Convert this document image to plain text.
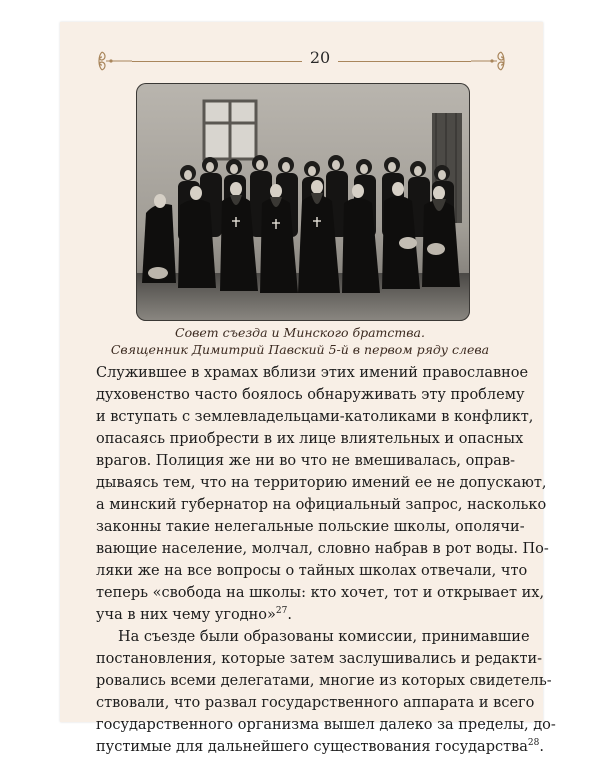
20
Совет съезда и Минского братства.
Священник Димитрий Павский 5-й в первом ряду слева
Служившее в храмах вблизи этих имений православное
духовенство часто боялось обнаруживать эту проблему
и вступать с землевладельцами-католиками в конфликт,
опасаясь приобрести в их лице влиятельных и опасных
врагов. Полиция же ни во что не вмешивалась, оправ-
дываясь тем, что на территорию имений ее не допускают,
а минский губернатор на официальный запрос, насколько
законны такие нелегальные польские школы, ополячи-
вающие население, молчал, словно набрав в рот воды. По-
ляки же на все вопросы о тайных школах отвечали, что
теперь «свобода на школы: кто хочет, тот и открывает их,
уча в них чему угодно»$^{27}$.
На съезде были образованы комиссии, принимавшие
постановления, которые затем заслушивались и редакти-
ровались всеми делегатами, многие из которых свидетель-
ствовали, что развал государственного аппарата и всего
государственного организма вышел далеко за пределы, до-
пустимые для дальнейшего существования государства$^{28}$.
